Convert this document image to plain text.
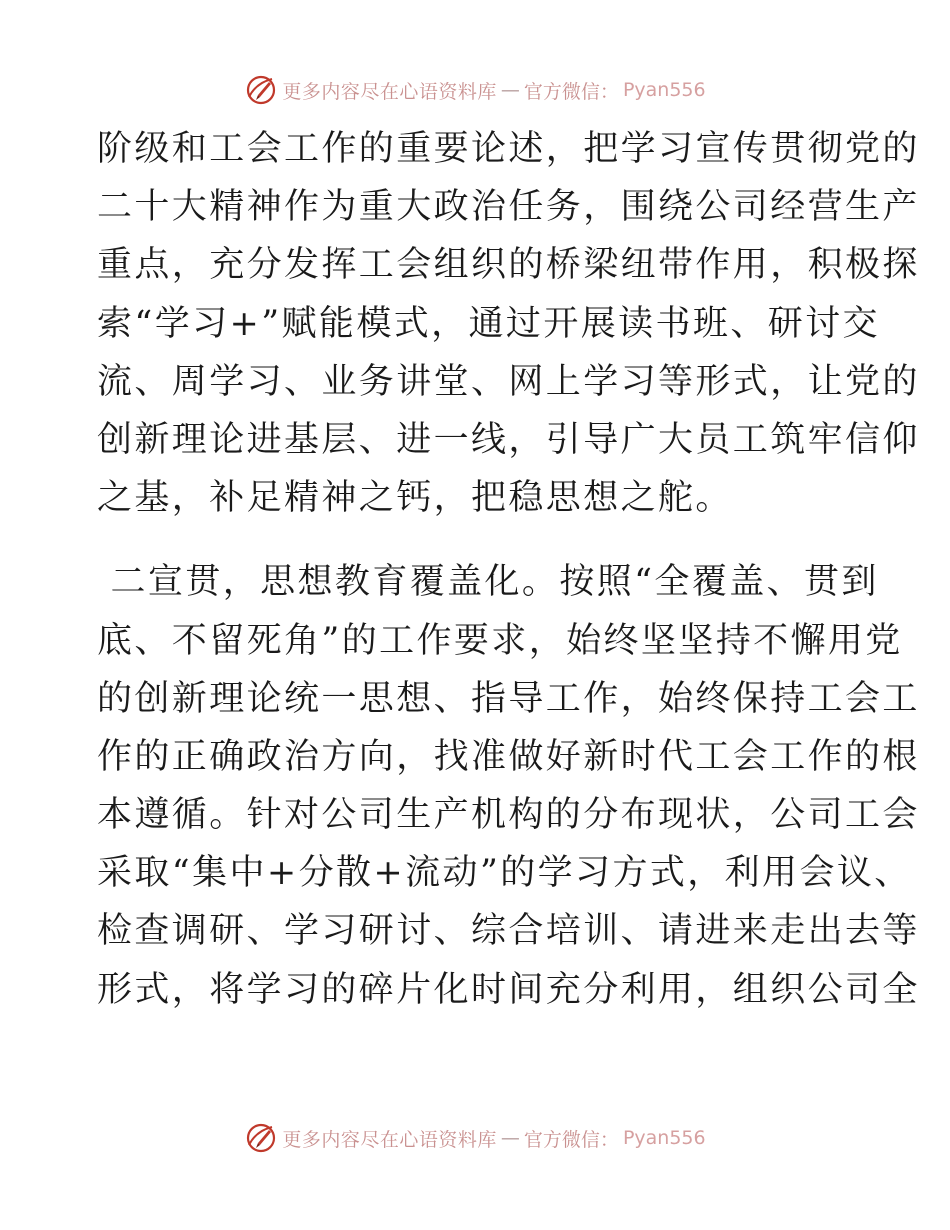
更多内容尽在心语资料库 — 官方微信： Pyan556
阶级和工会工作的重要论述，把学习宣传贯彻党的
二十大精神作为重大政治任务，围绕公司经营生产
重点，充分发挥工会组织的桥梁纽带作用，积极探
索“学习+”赋能模式，通过开展读书班、研讨交
流、周学习、业务讲堂、网上学习等形式，让党的
创新理论进基层、进一线，引导广大员工筑牢信仰
之基，补足精神之钙，把稳思想之舵。
二宣贯，思想教育覆盖化。按照“全覆盖、贯到
底、不留死角”的工作要求，始终坚坚持不懈用党
的创新理论统一思想、指导工作，始终保持工会工
作的正确政治方向，找准做好新时代工会工作的根
本遵循。针对公司生产机构的分布现状，公司工会
采取“集中+分散+流动”的学习方式，利用会议、
检查调研、学习研讨、综合培训、请进来走出去等
形式，将学习的碎片化时间充分利用，组织公司全
更多内容尽在心语资料库 — 官方微信： Pyan556
